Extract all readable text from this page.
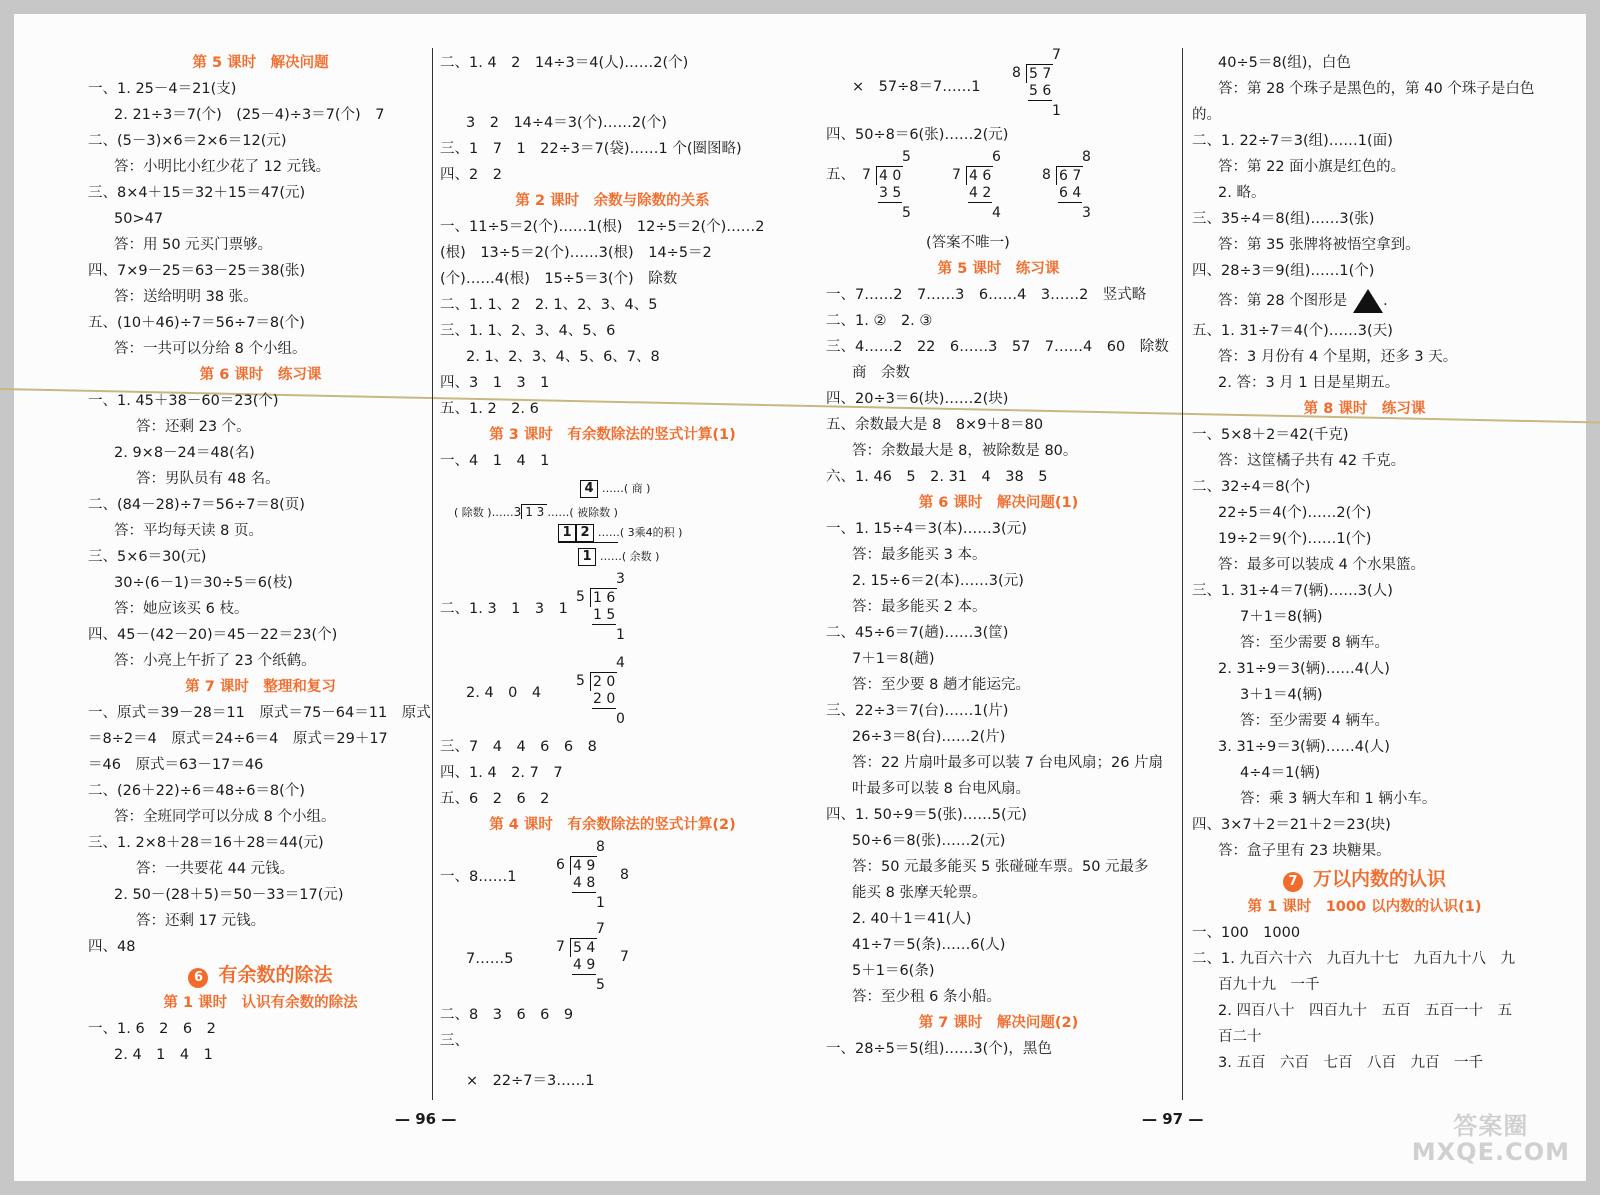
第 5 课时　解决问题
一、1. 25－4＝21(支)
2. 21÷3＝7(个)　(25－4)÷3＝7(个)　7
二、(5－3)×6＝2×6＝12(元)
答：小明比小红少花了 12 元钱。
三、8×4＋15＝32＋15＝47(元)
50>47
答：用 50 元买门票够。
四、7×9－25＝63－25＝38(张)
答：送给明明 38 张。
五、(10＋46)÷7＝56÷7＝8(个)
答：一共可以分给 8 个小组。
第 6 课时　练习课
一、1. 45＋38－60＝23(个)
答：还剩 23 个。
2. 9×8－24＝48(名)
答：男队员有 48 名。
二、(84－28)÷7＝56÷7＝8(页)
答：平均每天读 8 页。
三、5×6＝30(元)
30÷(6－1)＝30÷5＝6(枝)
答：她应该买 6 枝。
四、45－(42－20)＝45－22＝23(个)
答：小亮上午折了 23 个纸鹤。
第 7 课时　整理和复习
一、原式＝39－28＝11　原式＝75－64＝11　原式
＝8÷2＝4　原式＝24÷6＝4　原式＝29＋17
＝46　原式＝63－17＝46
二、(26＋22)÷6＝48÷6＝8(个)
答：全班同学可以分成 8 个小组。
三、1. 2×8＋28＝16＋28＝44(元)
答：一共要花 44 元钱。
2. 50－(28＋5)＝50－33＝17(元)
答：还剩 17 元钱。
四、48
6 有余数的除法
第 1 课时　认识有余数的除法
一、1. 6　2　6　2
2. 4　1　4　1
二、1. 4　2　14÷3＝4(人)……2(个)

3　2　14÷4＝3(个)……2(个)
三、1　7　1　22÷3＝7(袋)……1 个(圈图略)
四、2　2
第 2 课时　余数与除数的关系
一、11÷5＝2(个)……1(根)　12÷5＝2(个)……2
(根)　13÷5＝2(个)……3(根)　14÷5＝2
(个)……4(根)　15÷5＝3(个)　除数
二、1. 1、2　2. 1、2、3、4、5
三、1. 1、2、3、4、5、6
2. 1、2、3、4、5、6、7、8
四、3　1　3　1
五、1. 2　2. 6
第 3 课时　有余数除法的竖式计算(1)
一、4　1　4　1
4 ……( 商 )
( 除数 )……3 1 3 ……( 被除数 )
1 2 ……( 3乘4的积 )
1 ……( 余数 )
二、1. 3　1　3　1
3
5 1 6
1 5
1
2. 4　0　4
4
5 2 0
2 0
0
三、7　4　4　6　6　8
四、1. 4　2. 7　7
五、6　2　6　2
第 4 课时　有余数除法的竖式计算(2)
一、8……1
8
6 4 9
4 8
1
8
7……5
7
7 5 4
4 9
5
7
二、8　3　6　6　9
三、
×　22÷7＝3……1
— 96 —
×　57÷8＝7……1
7
8 5 7
5 6
1
四、50÷8＝6(张)……2(元)
五、
5
7 4 0
3 5
5
6
7 4 6
4 2
4
8
8 6 7
6 4
3
(答案不唯一)
第 5 课时　练习课
一、7……2　7……3　6……4　3……2　竖式略
二、1. ②　2. ③
三、4……2　22　6……3　57　7……4　60　除数
商　余数
四、20÷3＝6(块)……2(块)
五、余数最大是 8　8×9＋8＝80
答：余数最大是 8，被除数是 80。
六、1. 46　5　2. 31　4　38　5
第 6 课时　解决问题(1)
一、1. 15÷4＝3(本)……3(元)
答：最多能买 3 本。
2. 15÷6＝2(本)……3(元)
答：最多能买 2 本。
二、45÷6＝7(趟)……3(筐)
7＋1＝8(趟)
答：至少要 8 趟才能运完。
三、22÷3＝7(台)……1(片)
26÷3＝8(台)……2(片)
答：22 片扇叶最多可以装 7 台电风扇；26 片扇
叶最多可以装 8 台电风扇。
四、1. 50÷9＝5(张)……5(元)
50÷6＝8(张)……2(元)
答：50 元最多能买 5 张碰碰车票。50 元最多
能买 8 张摩天轮票。
2. 40＋1＝41(人)
41÷7＝5(条)……6(人)
5＋1＝6(条)
答：至少租 6 条小船。
第 7 课时　解决问题(2)
一、28÷5＝5(组)……3(个)，黑色
— 97 —
40÷5＝8(组)，白色
答：第 28 个珠子是黑色的，第 40 个珠子是白色
的。
二、1. 22÷7＝3(组)……1(面)
答：第 22 面小旗是红色的。
2. 略。
三、35÷4＝8(组)……3(张)
答：第 35 张牌将被悟空拿到。
四、28÷3＝9(组)……1(个)
答：第 28 个图形是 .
五、1. 31÷7＝4(个)……3(天)
答：3 月份有 4 个星期，还多 3 天。
2. 答：3 月 1 日是星期五。
第 8 课时　练习课
一、5×8＋2＝42(千克)
答：这筐橘子共有 42 千克。
二、32÷4＝8(个)
22÷5＝4(个)……2(个)
19÷2＝9(个)……1(个)
答：最多可以装成 4 个水果篮。
三、1. 31÷4＝7(辆)……3(人)
7＋1＝8(辆)
答：至少需要 8 辆车。
2. 31÷9＝3(辆)……4(人)
3＋1＝4(辆)
答：至少需要 4 辆车。
3. 31÷9＝3(辆)……4(人)
4÷4＝1(辆)
答：乘 3 辆大车和 1 辆小车。
四、3×7＋2＝21＋2＝23(块)
答：盒子里有 23 块糖果。
7 万以内数的认识
第 1 课时　1000 以内数的认识(1)
一、100　1000
二、1. 九百六十六　九百九十七　九百九十八　九
百九十九　一千
2. 四百八十　四百九十　五百　五百一十　五
百二十
3. 五百　六百　七百　八百　九百　一千
答案圈
MXQE.COM
